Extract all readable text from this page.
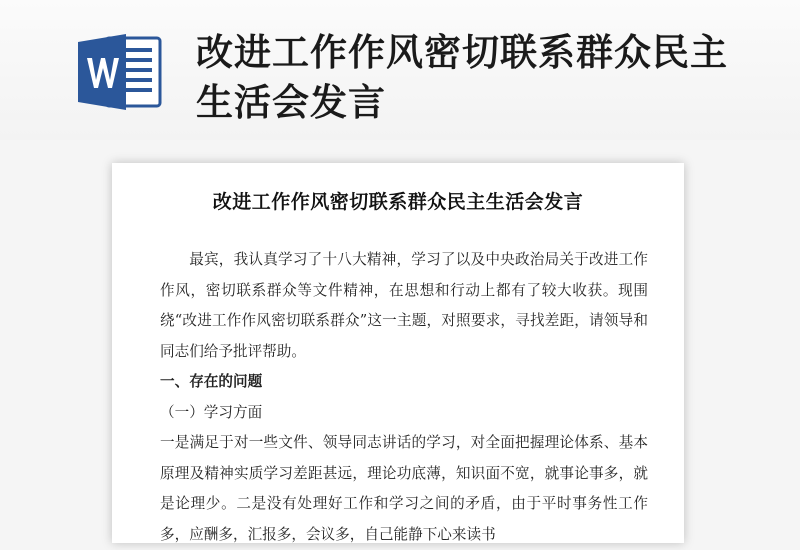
改进工作作风密切联系群众民主生活会发言
改进工作作风密切联系群众民主生活会发言

最宾，我认真学习了十八大精神，学习了以及中央政治局关于改进工作作风，密切联系群众等文件精神，在思想和行动上都有了较大收获。现围绕“改进工作作风密切联系群众”这一主题，对照要求，寻找差距，请领导和同志们给予批评帮助。

一、存在的问题

（一）学习方面

一是满足于对一些文件、领导同志讲话的学习，对全面把握理论体系、基本原理及精神实质学习差距甚远，理论功底薄，知识面不宽，就事论事多，就是论理少。二是没有处理好工作和学习之间的矛盾，由于平时事务性工作多，应酬多，汇报多，会议多，自己能静下心来读书
